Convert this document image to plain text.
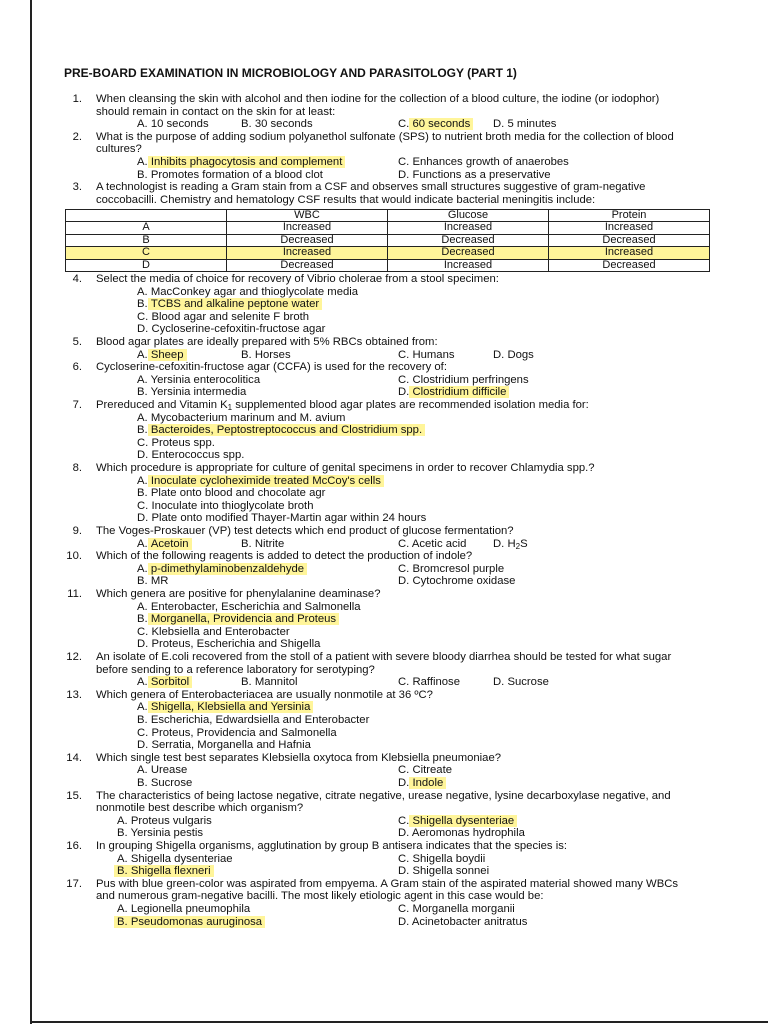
PRE-BOARD EXAMINATION IN MICROBIOLOGY AND PARASITOLOGY (PART 1)
1. When cleansing the skin with alcohol and then iodine for the collection of a blood culture, the iodine (or iodophor)
should remain in contact on the skin for at least:
A. 10 seconds	B. 30 seconds	C. 60 seconds D. 5 minutes
2. What is the purpose of adding sodium polyanethol sulfonate (SPS) to nutrient broth media for the collection of blood
cultures?
A. Inhibits phagocytosis and complement	C. Enhances growth of anaerobes
B. Promotes formation of a blood clot	D. Functions as a preservative
3. A technologist is reading a Gram stain from a CSF and observes small structures suggestive of gram-negative
coccobacilli. Chemistry and hematology CSF results that would indicate bacterial meningitis include:
	WBC	Glucose	Protein
A	Increased	Increased	Increased
B	Decreased	Decreased	Decreased
C	Increased	Decreased	Increased
D	Decreased	Increased	Decreased
4. Select the media of choice for recovery of Vibrio cholerae from a stool specimen:
A. MacConkey agar and thioglycolate media
B. TCBS and alkaline peptone water
C. Blood agar and selenite F broth
D. Cycloserine-cefoxitin-fructose agar
5. Blood agar plates are ideally prepared with 5% RBCs obtained from:
A. Sheep	B. Horses	C. Humans	D. Dogs
6. Cycloserine-cefoxitin-fructose agar (CCFA) is used for the recovery of:
A. Yersinia enterocolitica	C. Clostridium perfringens
B. Yersinia intermedia	D. Clostridium difficile
7. Prereduced and Vitamin $K_1$ supplemented blood agar plates are recommended isolation media for:
A. Mycobacterium marinum and M. avium
B. Bacteroides, Peptostreptococcus and Clostridium spp.
C. Proteus spp.
D. Enterococcus spp.
8. Which procedure is appropriate for culture of genital specimens in order to recover Chlamydia spp.?
A. Inoculate cycloheximide treated McCoy's cells
B. Plate onto blood and chocolate agr
C. Inoculate into thioglycolate broth
D. Plate onto modified Thayer-Martin agar within 24 hours
9. The Voges-Proskauer (VP) test detects which end product of glucose fermentation?
A. Acetoin	B. Nitrite	C. Acetic acid D. $H_2S$
10. Which of the following reagents is added to detect the production of indole?
A. p-dimethylaminobenzaldehyde	C. Bromcresol purple
B. MR	D. Cytochrome oxidase
11. Which genera are positive for phenylalanine deaminase?
A. Enterobacter, Escherichia and Salmonella
B. Morganella, Providencia and Proteus
C. Klebsiella and Enterobacter
D. Proteus, Escherichia and Shigella
12. An isolate of E.coli recovered from the stoll of a patient with severe bloody diarrhea should be tested for what sugar
before sending to a reference laboratory for serotyping?
A. Sorbitol	B. Mannitol	C. Raffinose	D. Sucrose
13. Which genera of Enterobacteriacea are usually nonmotile at 36 ºC?
A. Shigella, Klebsiella and Yersinia
B. Escherichia, Edwardsiella and Enterobacter
C. Proteus, Providencia and Salmonella
D. Serratia, Morganella and Hafnia
14. Which single test best separates Klebsiella oxytoca from Klebsiella pneumoniae?
A. Urease	C. Citreate
B. Sucrose	D. Indole
15. The characteristics of being lactose negative, citrate negative, urease negative, lysine decarboxylase negative, and
nonmotile best describe which organism?
A. Proteus vulgaris	C. Shigella dysenteriae
B. Yersinia pestis	D. Aeromonas hydrophila
16. In grouping Shigella organisms, agglutination by group B antisera indicates that the species is:
A. Shigella dysenteriae	C. Shigella boydii
B. Shigella flexneri	D. Shigella sonnei
17. Pus with blue green-color was aspirated from empyema. A Gram stain of the aspirated material showed many WBCs
and numerous gram-negative bacilli. The most likely etiologic agent in this case would be:
A. Legionella pneumophila	C. Morganella morganii
B. Pseudomonas auruginosa	D. Acinetobacter anitratus
